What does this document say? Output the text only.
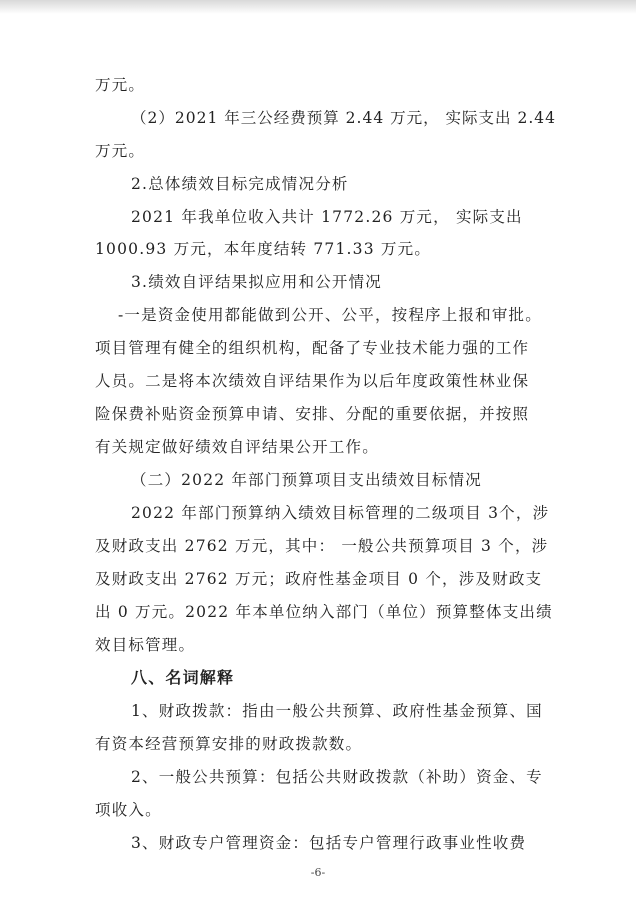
万元。
（2）2021 年三公经费预算 2.44 万元， 实际支出 2.44
万元。
2.总体绩效目标完成情况分析
2021 年我单位收入共计 1772.26 万元， 实际支出
1000.93 万元，本年度结转 771.33 万元。
3.绩效自评结果拟应用和公开情况
-一是资金使用都能做到公开、公平，按程序上报和审批。
项目管理有健全的组织机构，配备了专业技术能力强的工作
人员。二是将本次绩效自评结果作为以后年度政策性林业保
险保费补贴资金预算申请、安排、分配的重要依据，并按照
有关规定做好绩效自评结果公开工作。
（二）2022 年部门预算项目支出绩效目标情况
2022 年部门预算纳入绩效目标管理的二级项目 3个，涉
及财政支出 2762 万元，其中： 一般公共预算项目 3 个，涉
及财政支出 2762 万元；政府性基金项目 0 个，涉及财政支
出 0 万元。2022 年本单位纳入部门（单位）预算整体支出绩
效目标管理。
八、名词解释
1、财政拨款：指由一般公共预算、政府性基金预算、国
有资本经营预算安排的财政拨款数。
2、一般公共预算：包括公共财政拨款（补助）资金、专
项收入。
3、财政专户管理资金：包括专户管理行政事业性收费
-6-
